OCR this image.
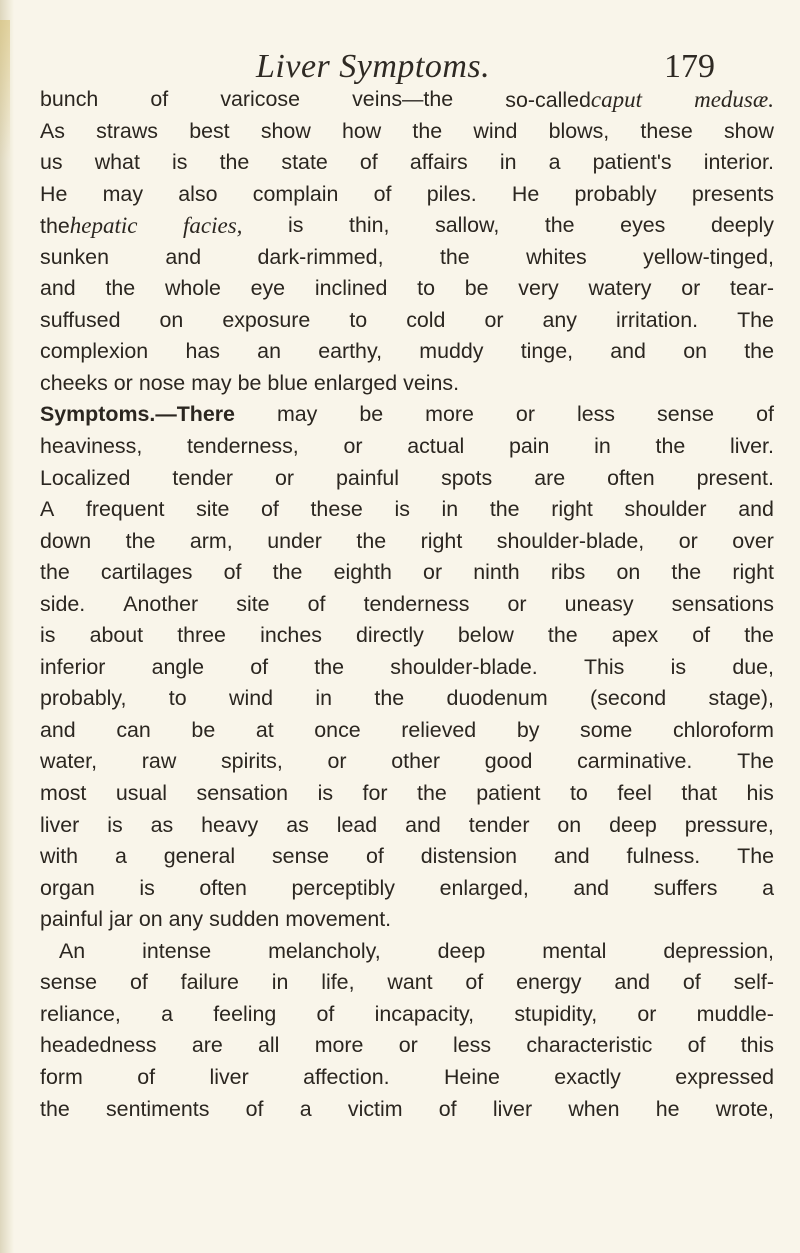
Liver Symptoms.	179
bunch of varicose veins—the so-calledcaput medusæ.
As straws best show how the wind blows, these show
us what is the state of affairs in a patient's interior.
He may also complain of piles. He probably presents
thehepatic facies, is thin, sallow, the eyes deeply
sunken	and	dark-rimmed,	the	whites	yellow-tinged,
and the whole eye inclined to be very watery or tear-
suffused on exposure to cold or any irritation. The
complexion has an earthy, muddy tinge, and on the
cheeks or nose may be blue enlarged veins.
Symptoms.—There may be more or less sense of
heaviness, tenderness, or actual pain in the liver.
Localized tender or painful spots are often present.
A frequent site of these is in the right shoulder and
down the arm, under the right shoulder-blade, or over
the cartilages of the eighth or ninth ribs on the right
side. Another site of tenderness or uneasy sensations
is about three inches directly below the apex of the
inferior angle of the shoulder-blade. This is due,
probably, to wind in the duodenum (second stage),
and can be at once relieved by some chloroform
water, raw spirits, or other good carminative. The
most usual sensation is for the patient to feel that his
liver is as heavy as lead and tender on deep pressure,
with a general sense of distension and fulness. The
organ is often perceptibly enlarged, and suffers a
painful jar on any sudden movement.
An	intense	melancholy,	deep	mental	depression,
sense of failure in life, want of energy and of self-
reliance, a feeling of incapacity, stupidity, or muddle-
headedness are all more or less characteristic of this
form	of	liver	affection.	Heine	exactly	expressed
the sentiments of a victim of liver when he wrote,
